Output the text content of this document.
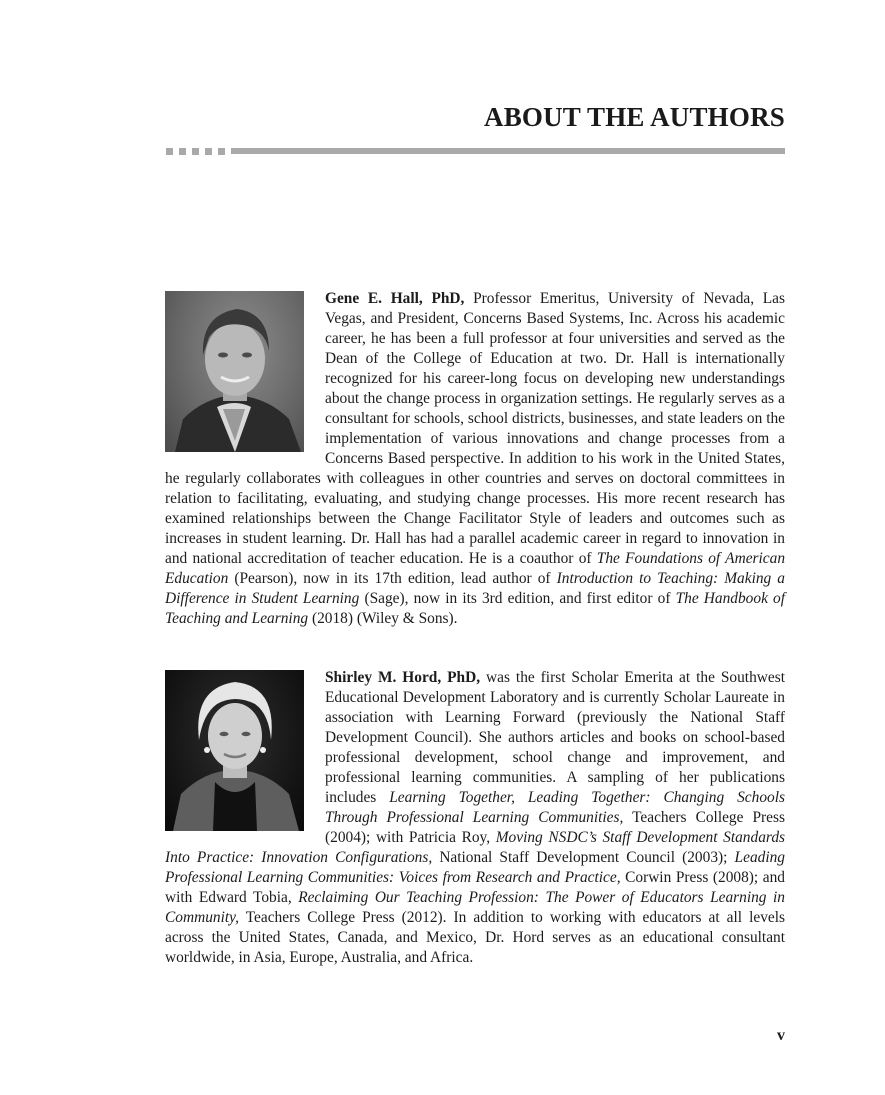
ABOUT THE AUTHORS

Gene E. Hall, PhD, Professor Emeritus, University of Nevada, Las Vegas, and President, Concerns Based Systems, Inc. Across his academic career, he has been a full professor at four universities and served as the Dean of the College of Education at two. Dr. Hall is internationally recognized for his career-long focus on developing new understandings about the change process in organization settings. He regularly serves as a consultant for schools, school districts, businesses, and state leaders on the implementation of various innovations and change processes from a Concerns Based perspective. In addition to his work in the United States, he regularly collaborates with colleagues in other countries and serves on doctoral committees in relation to facilitating, evaluating, and studying change processes. His more recent research has examined relationships between the Change Facilitator Style of leaders and outcomes such as increases in student learning. Dr. Hall has had a parallel academic career in regard to innovation in and national accreditation of teacher education. He is a coauthor of The Foundations of American Education (Pearson), now in its 17th edition, lead author of Introduction to Teaching: Making a Difference in Student Learning (Sage), now in its 3rd edition, and first editor of The Handbook of Teaching and Learning (2018) (Wiley & Sons).

Shirley M. Hord, PhD, was the first Scholar Emerita at the Southwest Educational Development Laboratory and is currently Scholar Laureate in association with Learning Forward (previously the National Staff Development Council). She authors articles and books on school-based professional development, school change and improvement, and professional learning communities. A sampling of her publications includes Learning Together, Leading Together: Changing Schools Through Professional Learning Communities, Teachers College Press (2004); with Patricia Roy, Moving NSDC’s Staff Development Standards Into Practice: Innovation Configurations, National Staff Development Council (2003); Leading Professional Learning Communities: Voices from Research and Practice, Corwin Press (2008); and with Edward Tobia, Reclaiming Our Teaching Profession: The Power of Educators Learning in Community, Teachers College Press (2012). In addition to working with educators at all levels across the United States, Canada, and Mexico, Dr. Hord serves as an educational consultant worldwide, in Asia, Europe, Australia, and Africa.

v
